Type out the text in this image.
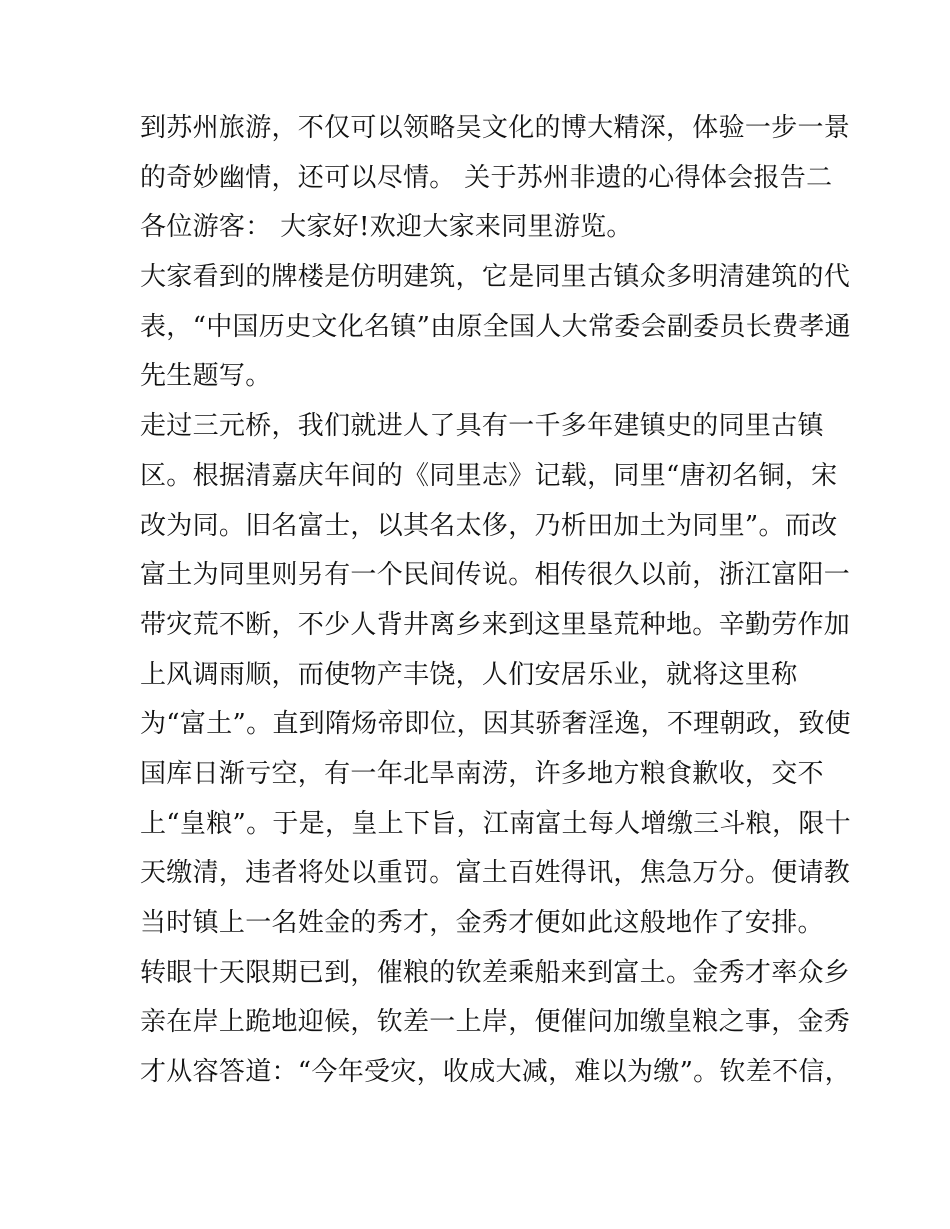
到苏州旅游，不仅可以领略吴文化的博大精深，体验一步一景
的奇妙幽情，还可以尽情。 关于苏州非遗的心得体会报告二
各位游客： 大家好!欢迎大家来同里游览。
大家看到的牌楼是仿明建筑，它是同里古镇众多明清建筑的代
表，“中国历史文化名镇”由原全国人大常委会副委员长费孝通
先生题写。
走过三元桥，我们就进人了具有一千多年建镇史的同里古镇
区。根据清嘉庆年间的《同里志》记载，同里“唐初名铜，宋
改为同。旧名富士，以其名太侈，乃析田加土为同里”。而改
富土为同里则另有一个民间传说。相传很久以前，浙江富阳一
带灾荒不断，不少人背井离乡来到这里垦荒种地。辛勤劳作加
上风调雨顺，而使物产丰饶，人们安居乐业，就将这里称
为“富土”。直到隋炀帝即位，因其骄奢淫逸，不理朝政，致使
国库日渐亏空，有一年北旱南涝，许多地方粮食歉收，交不
上“皇粮”。于是，皇上下旨，江南富土每人增缴三斗粮，限十
天缴清，违者将处以重罚。富土百姓得讯，焦急万分。便请教
当时镇上一名姓金的秀才，金秀才便如此这般地作了安排。
转眼十天限期已到，催粮的钦差乘船来到富土。金秀才率众乡
亲在岸上跪地迎候，钦差一上岸，便催问加缴皇粮之事，金秀
才从容答道：“今年受灾，收成大减，难以为缴”。钦差不信，
